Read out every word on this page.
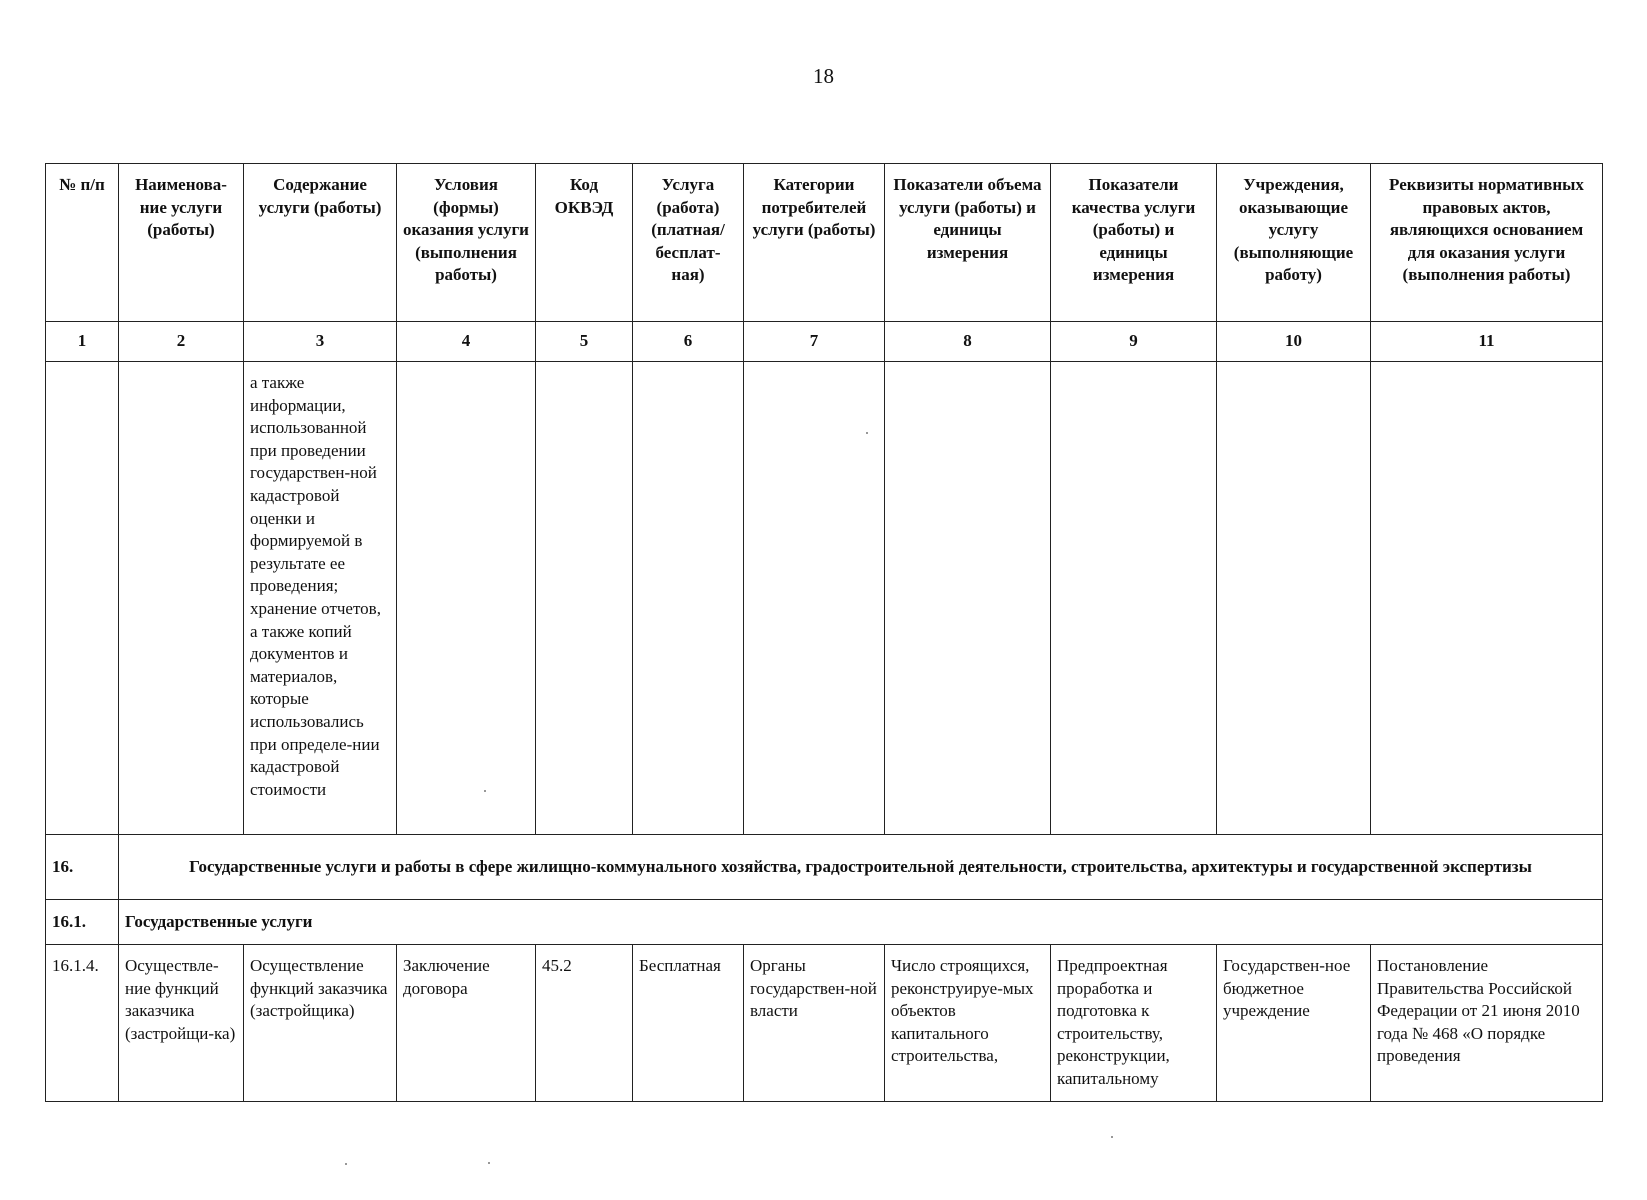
18
№ п/п	Наименова-ние услуги (работы)	Содержание услуги (работы)	Условия (формы) оказания услуги (выполнения работы)	Код ОКВЭД	Услуга (работа) (платная/ бесплат-ная)	Категории потребителей услуги (работы)	Показатели объема услуги (работы) и единицы измерения	Показатели качества услуги (работы) и единицы измерения	Учреждения, оказывающие услугу (выполняющие работу)	Реквизиты нормативных правовых актов, являющихся основанием для оказания услуги (выполнения работы)
1	2	3	4	5	6	7	8	9	10	11

		а также информации, использованной при проведении государствен-ной кадастровой оценки и формируемой в результате ее проведения; хранение отчетов, а также копий документов и материалов, которые использовались при определе-нии кадастровой стоимости								

16.	Государственные услуги и работы в сфере жилищно-коммунального хозяйства, градостроительной деятельности, строительства, архитектуры и государственной экспертизы									
16.1.	Государственные услуги									
16.1.4.	Осуществле-ние функций заказчика (застройщи-ка)	Осуществление функций заказчика (застройщика)	Заключение договора	45.2	Бесплатная	Органы государствен-ной власти	Число строящихся, реконструируе-мых объектов капитального строительства,	Предпроектная проработка и подготовка к строительству, реконструкции, капитальному	Государствен-ное бюджетное учреждение	Постановление Правительства Российской Федерации от 21 июня 2010 года № 468 «О порядке проведения
